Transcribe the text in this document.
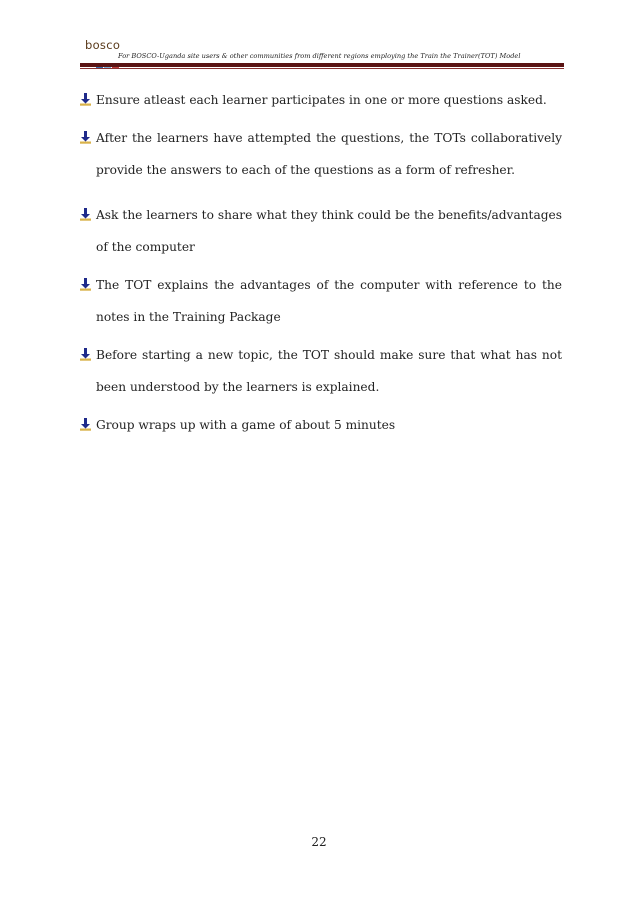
bosco
For BOSCO-Uganda site users & other communities from different regions employing the Train the Trainer(TOT) Model
Ensure atleast each learner participates in one or more questions asked.
After the learners have attempted the questions, the TOTs collaboratively provide the answers to each of the questions as a form of refresher.
Ask the learners to share what they think could be the benefits/advantages of the computer
The TOT explains the advantages of the computer with reference to the notes in the Training Package
Before starting a new topic, the TOT should make sure that what has not been understood by the learners is explained.
Group wraps up with a game of about 5 minutes
22
